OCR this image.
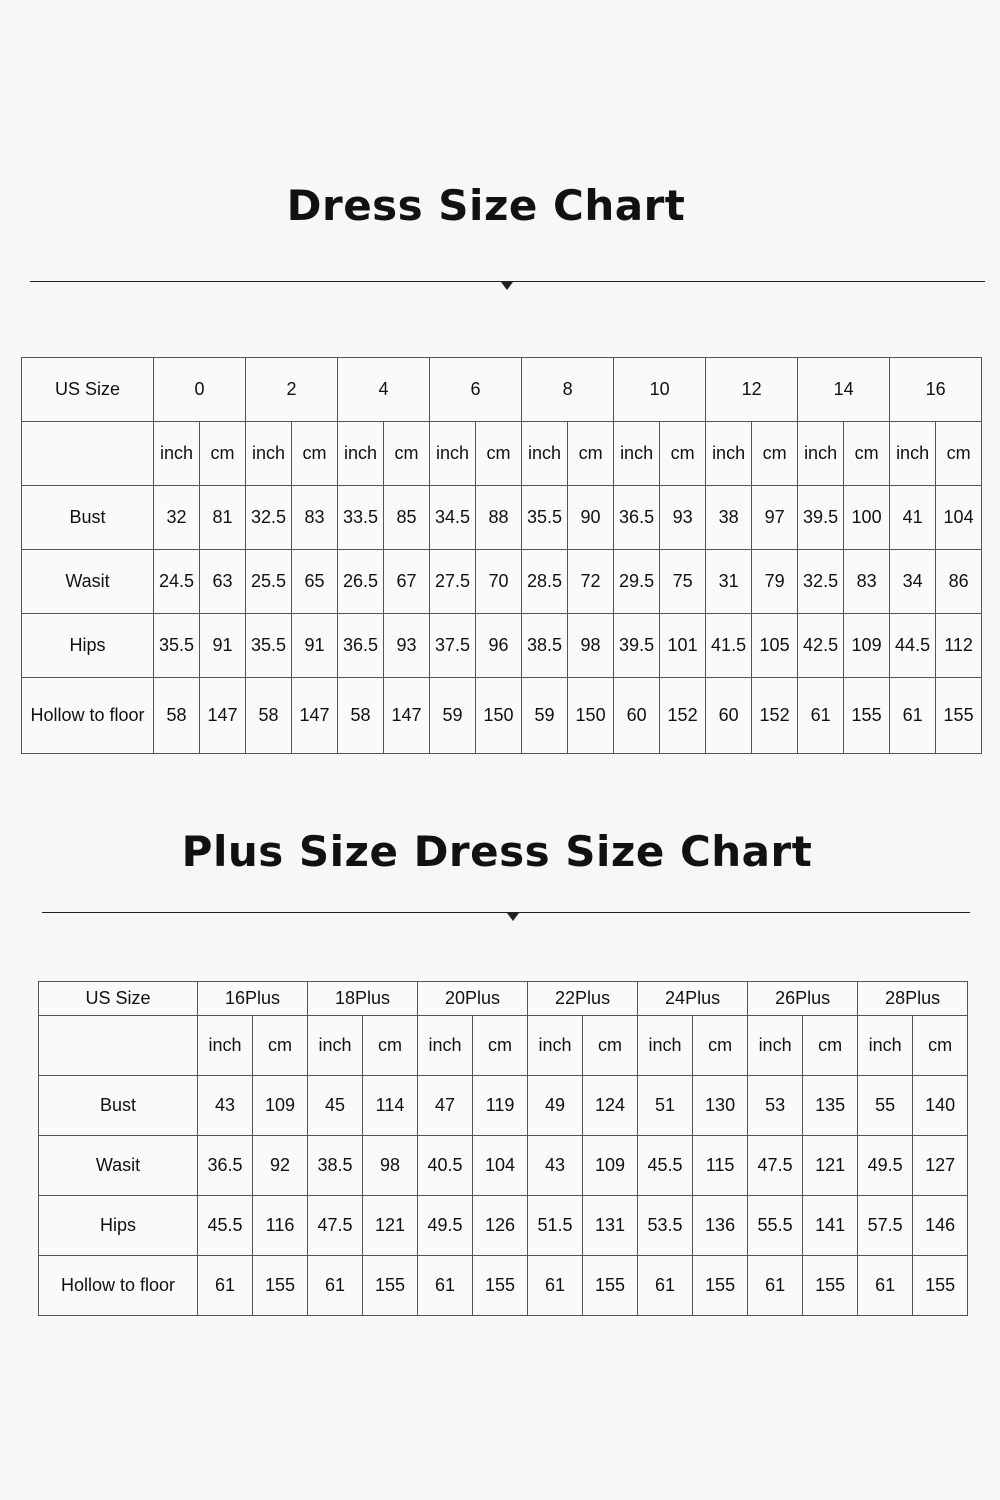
Dress Size Chart
US Size	0		2		4		6		8		10		12		14		16	
	inch	cm	inch	cm	inch	cm	inch	cm	inch	cm	inch	cm	inch	cm	inch	cm	inch	cm
Bust	32	81	32.5	83	33.5	85	34.5	88	35.5	90	36.5	93	38	97	39.5	100	41	104
Wasit	24.5	63	25.5	65	26.5	67	27.5	70	28.5	72	29.5	75	31	79	32.5	83	34	86
Hips	35.5	91	35.5	91	36.5	93	37.5	96	38.5	98	39.5	101	41.5	105	42.5	109	44.5	112
Hollow to floor	58	147	58	147	58	147	59	150	59	150	60	152	60	152	61	155	61	155
Plus Size Dress Size Chart
US Size	16Plus		18Plus		20Plus		22Plus		24Plus		26Plus		28Plus	
	inch	cm	inch	cm	inch	cm	inch	cm	inch	cm	inch	cm	inch	cm
Bust	43	109	45	114	47	119	49	124	51	130	53	135	55	140
Wasit	36.5	92	38.5	98	40.5	104	43	109	45.5	115	47.5	121	49.5	127
Hips	45.5	116	47.5	121	49.5	126	51.5	131	53.5	136	55.5	141	57.5	146
Hollow to floor	61	155	61	155	61	155	61	155	61	155	61	155	61	155
